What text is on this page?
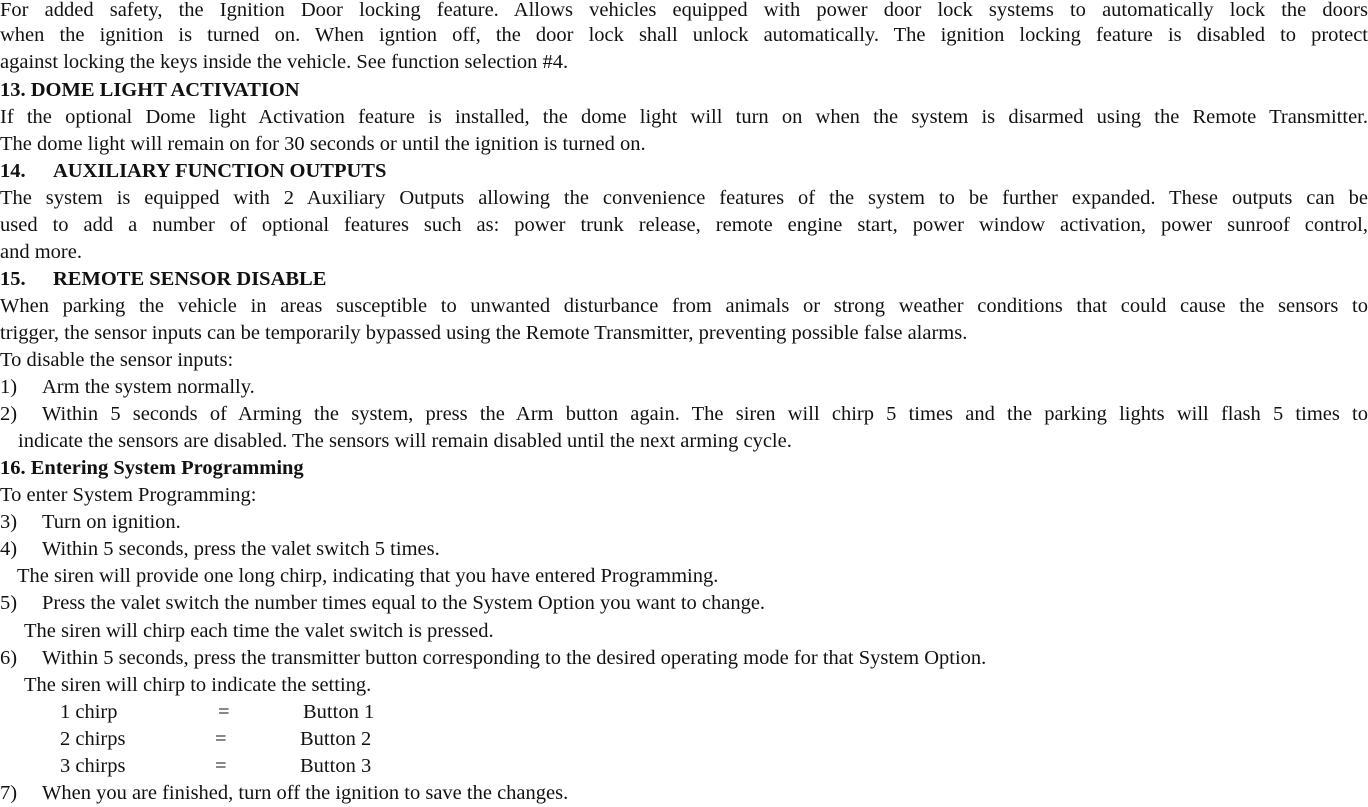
For added safety, the Ignition Door locking feature. Allows vehicles equipped with power door lock systems to automatically lock the doors
when the ignition is turned on. When igntion off, the door lock shall unlock automatically. The ignition locking feature is disabled to protect
against locking the keys inside the vehicle. See function selection #4.
13. DOME LIGHT ACTIVATION
If the optional Dome light Activation feature is installed, the dome light will turn on when the system is disarmed using the Remote Transmitter.
The dome light will remain on for 30 seconds or until the ignition is turned on.
14. AUXILIARY FUNCTION OUTPUTS
The system is equipped with 2 Auxiliary Outputs allowing the convenience features of the system to be further expanded. These outputs can be
used to add a number of optional features such as: power trunk release, remote engine start, power window activation, power sunroof control,
and more.
15. REMOTE SENSOR DISABLE
When parking the vehicle in areas susceptible to unwanted disturbance from animals or strong weather conditions that could cause the sensors to
trigger, the sensor inputs can be temporarily bypassed using the Remote Transmitter, preventing possible false alarms.
To disable the sensor inputs:
1) Arm the system normally.
2)	Within 5 seconds of Arming the system, press the Arm button again. The siren will chirp 5 times and the parking lights will flash 5 times to
indicate the sensors are disabled. The sensors will remain disabled until the next arming cycle.
16. Entering System Programming
To enter System Programming:
3) Turn on ignition.
4) Within 5 seconds, press the valet switch 5 times.
The siren will provide one long chirp, indicating that you have entered Programming.
5) Press the valet switch the number times equal to the System Option you want to change.
The siren will chirp each time the valet switch is pressed.
6) Within 5 seconds, press the transmitter button corresponding to the desired operating mode for that System Option.
The siren will chirp to indicate the setting.
1 chirp	=	Button 1
2 chirps	=	Button 2
3 chirps	=	Button 3
7) When you are finished, turn off the ignition to save the changes.
